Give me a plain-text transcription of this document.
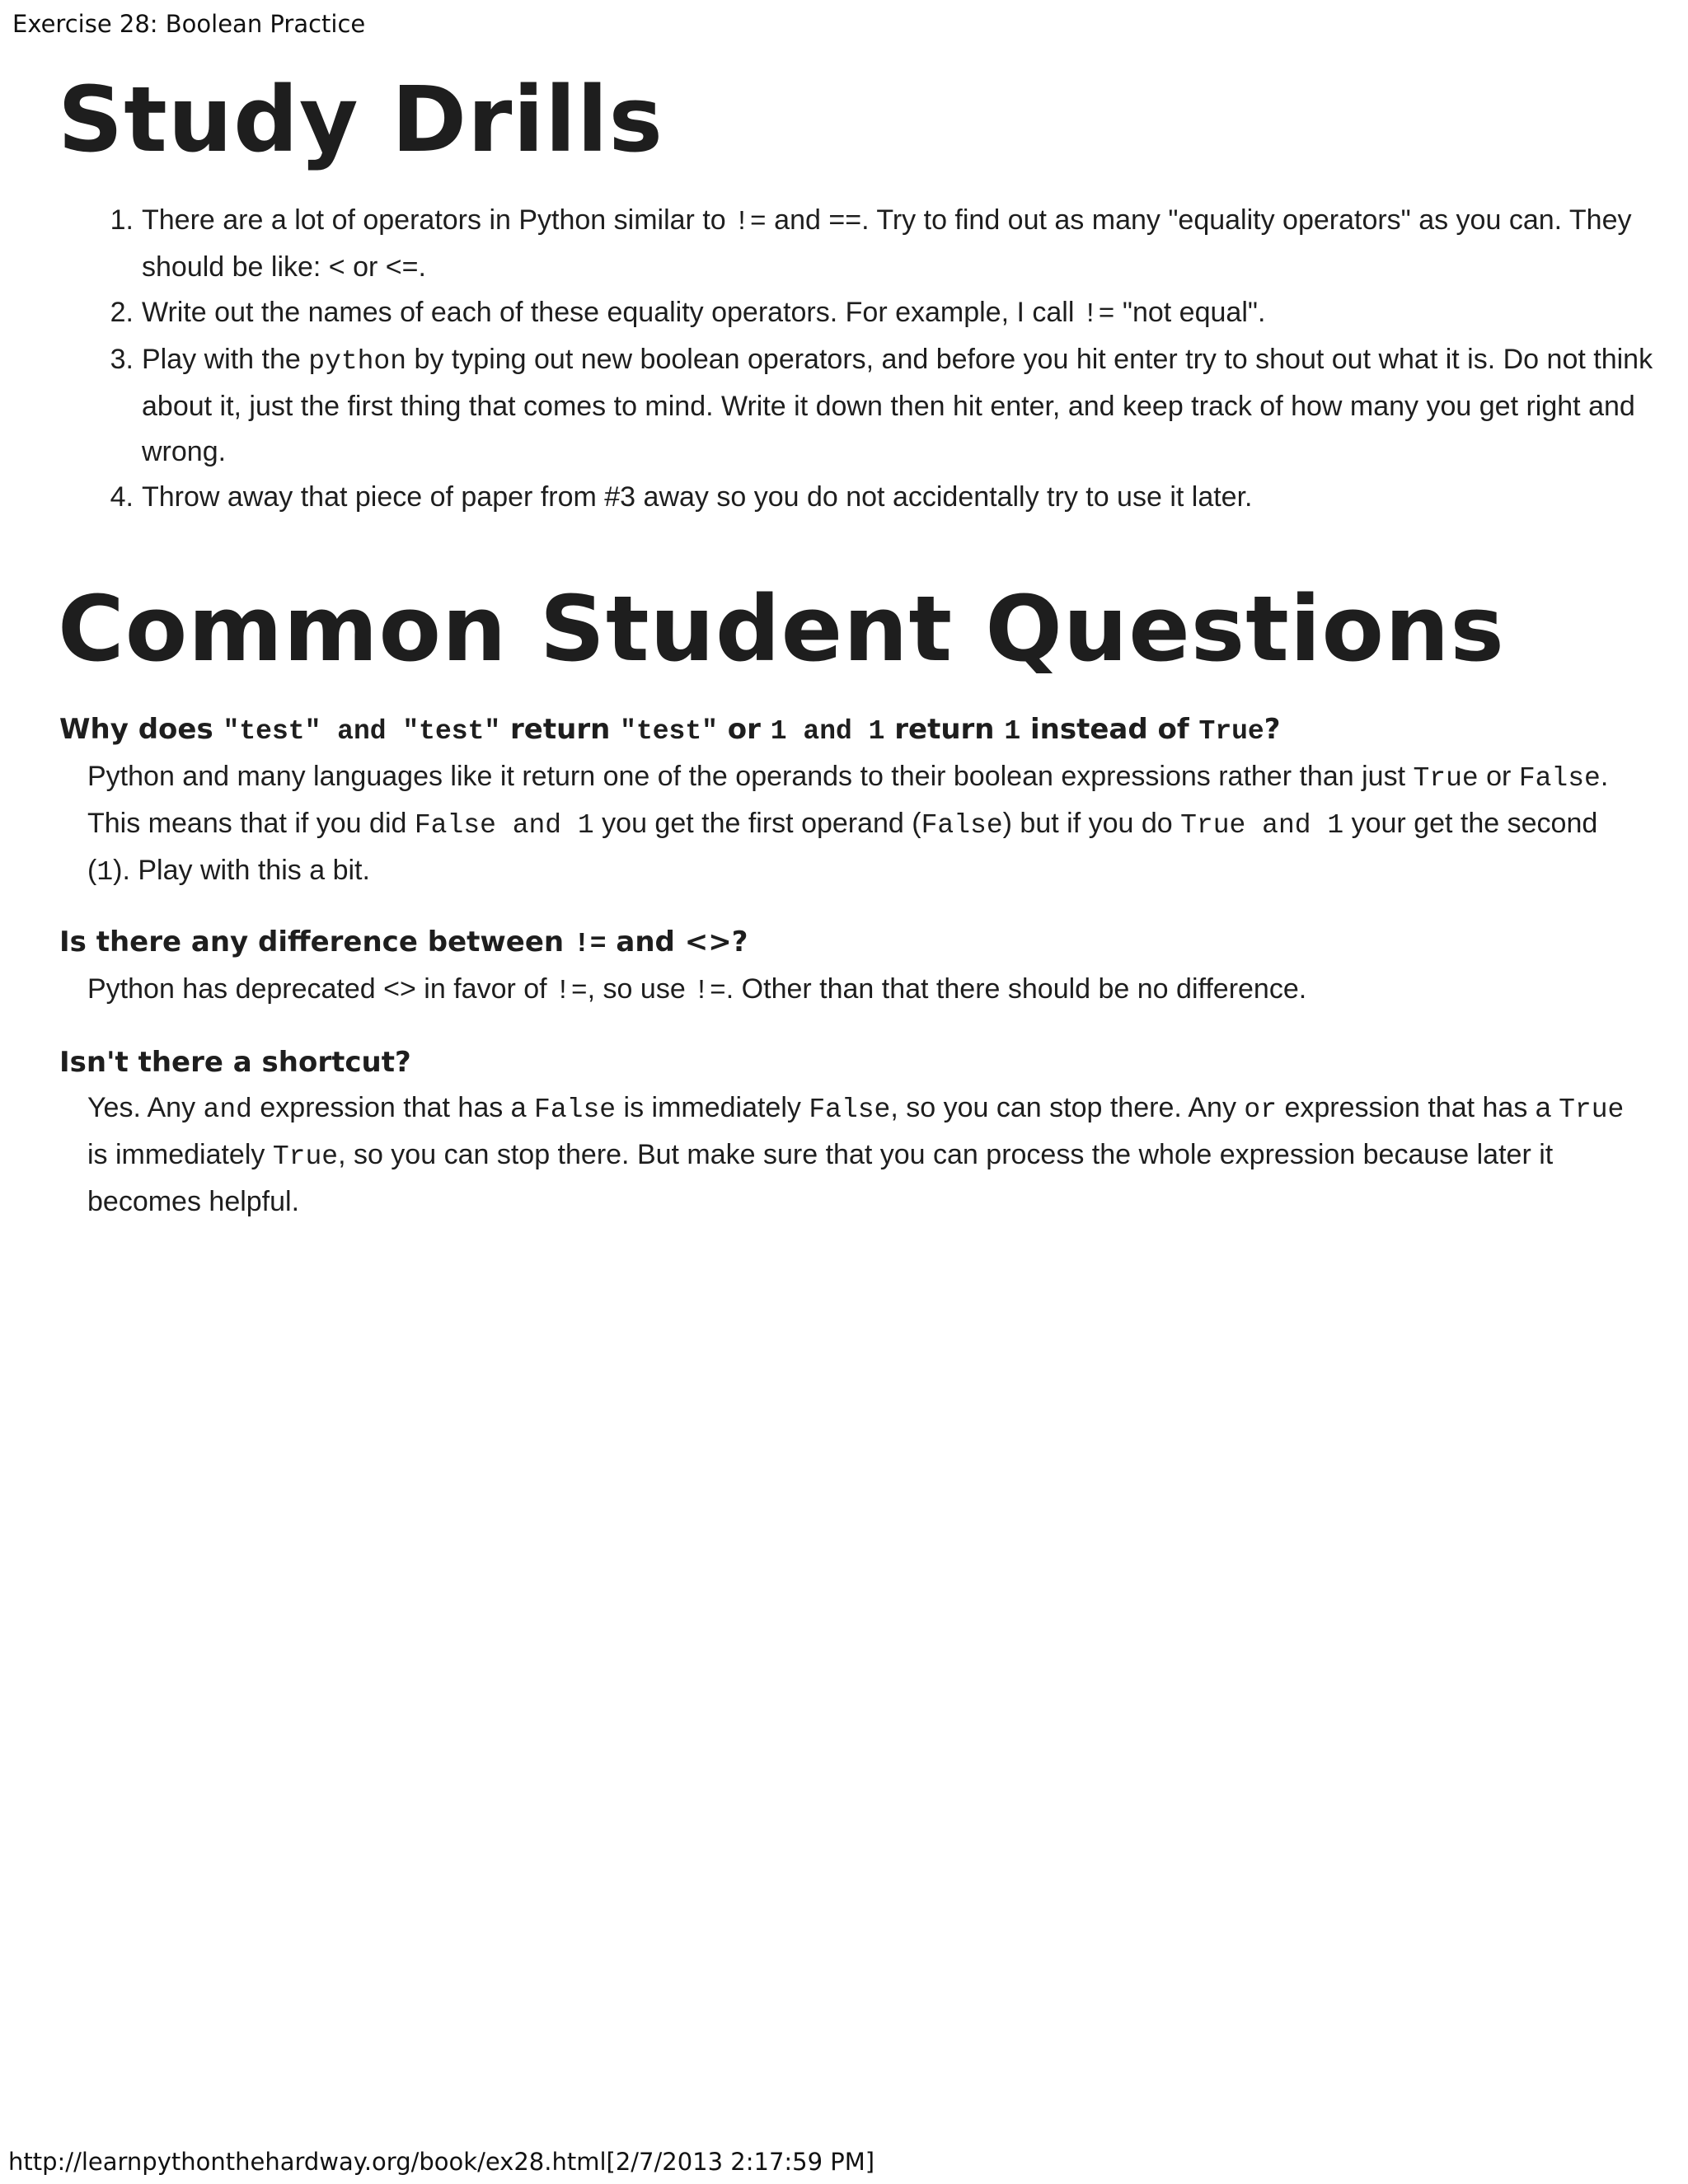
Exercise 28: Boolean Practice
Study Drills
1. There are a lot of operators in Python similar to != and ==. Try to find out as many "equality operators" as you can. They should be like: < or <=.
2. Write out the names of each of these equality operators. For example, I call != "not equal".
3. Play with the python by typing out new boolean operators, and before you hit enter try to shout out what it is. Do not think about it, just the first thing that comes to mind. Write it down then hit enter, and keep track of how many you get right and wrong.
4. Throw away that piece of paper from #3 away so you do not accidentally try to use it later.
Common Student Questions
Why does "test" and "test" return "test" or 1 and 1 return 1 instead of True?

Python and many languages like it return one of the operands to their boolean expressions rather than just True or False. This means that if you did False and 1 you get the first operand (False) but if you do True and 1 your get the second (1). Play with this a bit.

Is there any difference between != and <>?

Python has deprecated <> in favor of !=, so use !=. Other than that there should be no difference.

Isn't there a shortcut?

Yes. Any and expression that has a False is immediately False, so you can stop there. Any or expression that has a True is immediately True, so you can stop there. But make sure that you can process the whole expression because later it becomes helpful.

http://learnpythonthehardway.org/book/ex28.html[2/7/2013 2:17:59 PM]
